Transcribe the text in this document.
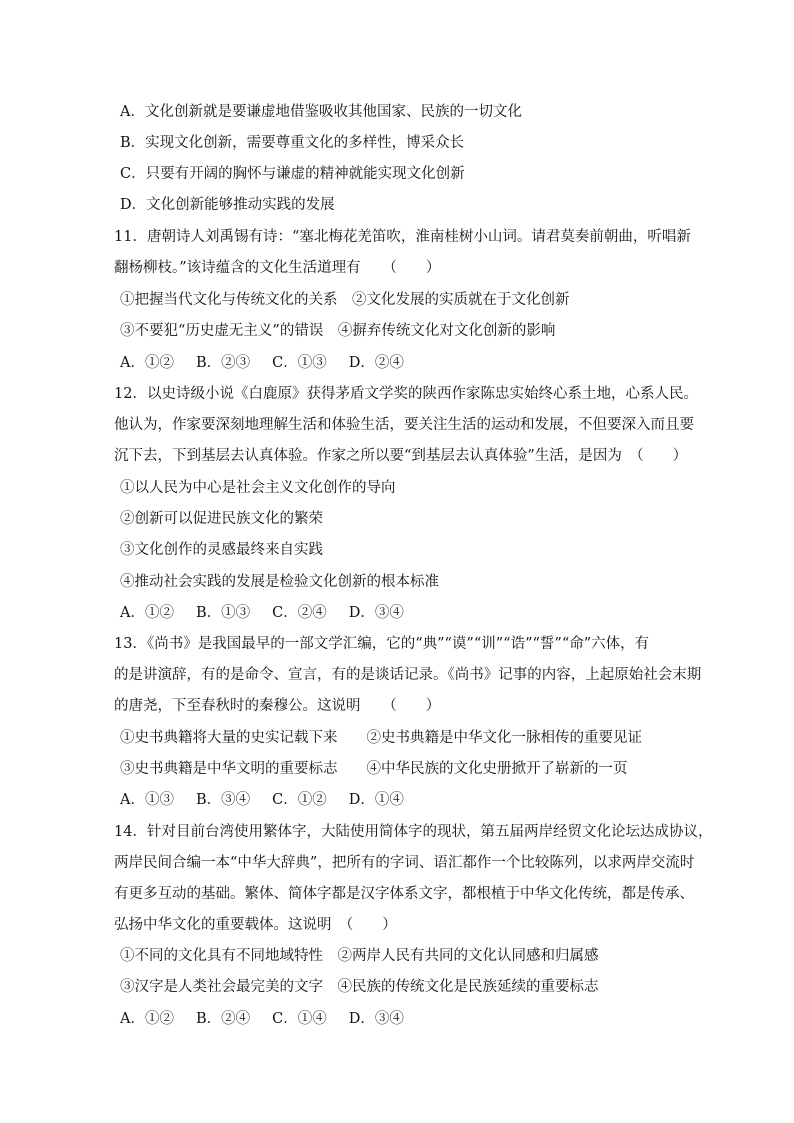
A．文化创新就是要谦虚地借鉴吸收其他国家、民族的一切文化
B．实现文化创新，需要尊重文化的多样性，博采众长
C．只要有开阔的胸怀与谦虚的精神就能实现文化创新
D．文化创新能够推动实践的发展
11．唐朝诗人刘禹锡有诗：“塞北梅花羌笛吹，淮南桂树小山词。请君莫奏前朝曲，听唱新
翻杨柳枝。”该诗蕴含的文化生活道理有　　（　　）
①把握当代文化与传统文化的关系　②文化发展的实质就在于文化创新
③不要犯“历史虚无主义”的错误　④摒弃传统文化对文化创新的影响
A．①② B．②③ C．①③ D．②④
12．以史诗级小说《白鹿原》获得茅盾文学奖的陕西作家陈忠实始终心系土地，心系人民。
他认为，作家要深刻地理解生活和体验生活，要关注生活的运动和发展，不但要深入而且要
沉下去，下到基层去认真体验。作家之所以要“到基层去认真体验”生活，是因为　（　　）
①以人民为中心是社会主义文化创作的导向
②创新可以促进民族文化的繁荣
③文化创作的灵感最终来自实践
④推动社会实践的发展是检验文化创新的根本标准
A．①② B．①③ C．②④ D．③④
13．《尚书》是我国最早的一部文学汇编，它的“典”“谟”“训”“诰”“誓”“命”六体，有
的是讲演辞，有的是命令、宣言，有的是谈话记录。《尚书》记事的内容，上起原始社会末期
的唐尧，下至春秋时的秦穆公。这说明　　（　　）
①史书典籍将大量的史实记载下来　　②史书典籍是中华文化一脉相传的重要见证
③史书典籍是中华文明的重要标志　　④中华民族的文化史册掀开了崭新的一页
A．①③ B．③④ C．①② D．①④
14．针对目前台湾使用繁体字，大陆使用简体字的现状，第五届两岸经贸文化论坛达成协议，
两岸民间合编一本“中华大辞典”，把所有的字词、语汇都作一个比较陈列，以求两岸交流时
有更多互动的基础。繁体、简体字都是汉字体系文字，都根植于中华文化传统，都是传承、
弘扬中华文化的重要载体。这说明　（　　）
①不同的文化具有不同地域特性　②两岸人民有共同的文化认同感和归属感
③汉字是人类社会最完美的文字　④民族的传统文化是民族延续的重要标志
A．①② B．②④ C．①④ D．③④
